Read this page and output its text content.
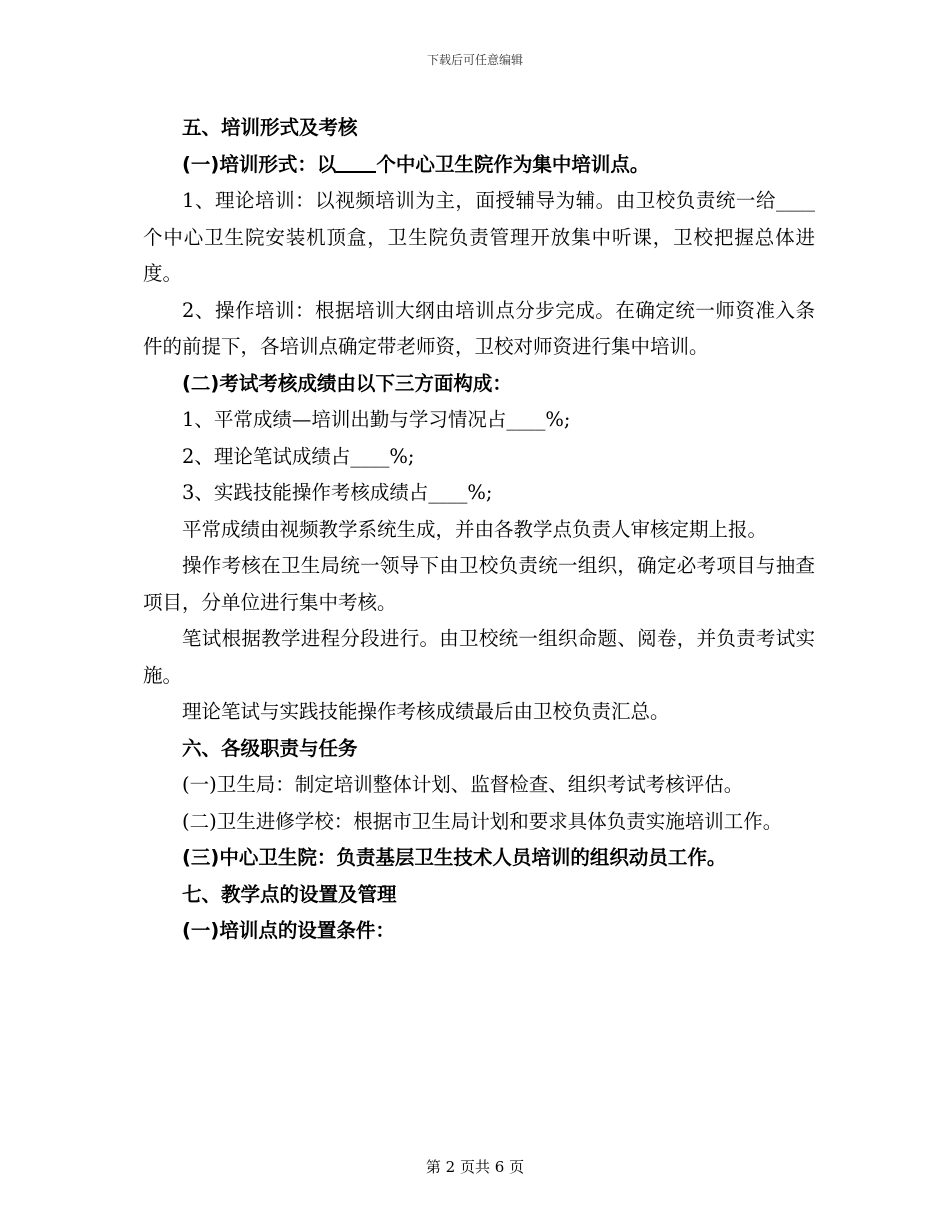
下载后可任意编辑

五、培训形式及考核

(一)培训形式：以 个中心卫生院作为集中培训点。

1、理论培训：以视频培训为主，面授辅导为辅。由卫校负责统一给____个中心卫生院安装机顶盒，卫生院负责管理开放集中听课，卫校把握总体进度。

2、操作培训：根据培训大纲由培训点分步完成。在确定统一师资准入条件的前提下，各培训点确定带老师资，卫校对师资进行集中培训。

(二)考试考核成绩由以下三方面构成：

1、平常成绩—培训出勤与学习情况占____%;

2、理论笔试成绩占____%;

3、实践技能操作考核成绩占____%;

平常成绩由视频教学系统生成，并由各教学点负责人审核定期上报。

操作考核在卫生局统一领导下由卫校负责统一组织，确定必考项目与抽查项目，分单位进行集中考核。

笔试根据教学进程分段进行。由卫校统一组织命题、阅卷，并负责考试实施。

理论笔试与实践技能操作考核成绩最后由卫校负责汇总。

六、各级职责与任务

(一)卫生局：制定培训整体计划、监督检查、组织考试考核评估。

(二)卫生进修学校：根据市卫生局计划和要求具体负责实施培训工作。

(三)中心卫生院：负责基层卫生技术人员培训的组织动员工作。

七、教学点的设置及管理

(一)培训点的设置条件：

第 2 页共 6 页
